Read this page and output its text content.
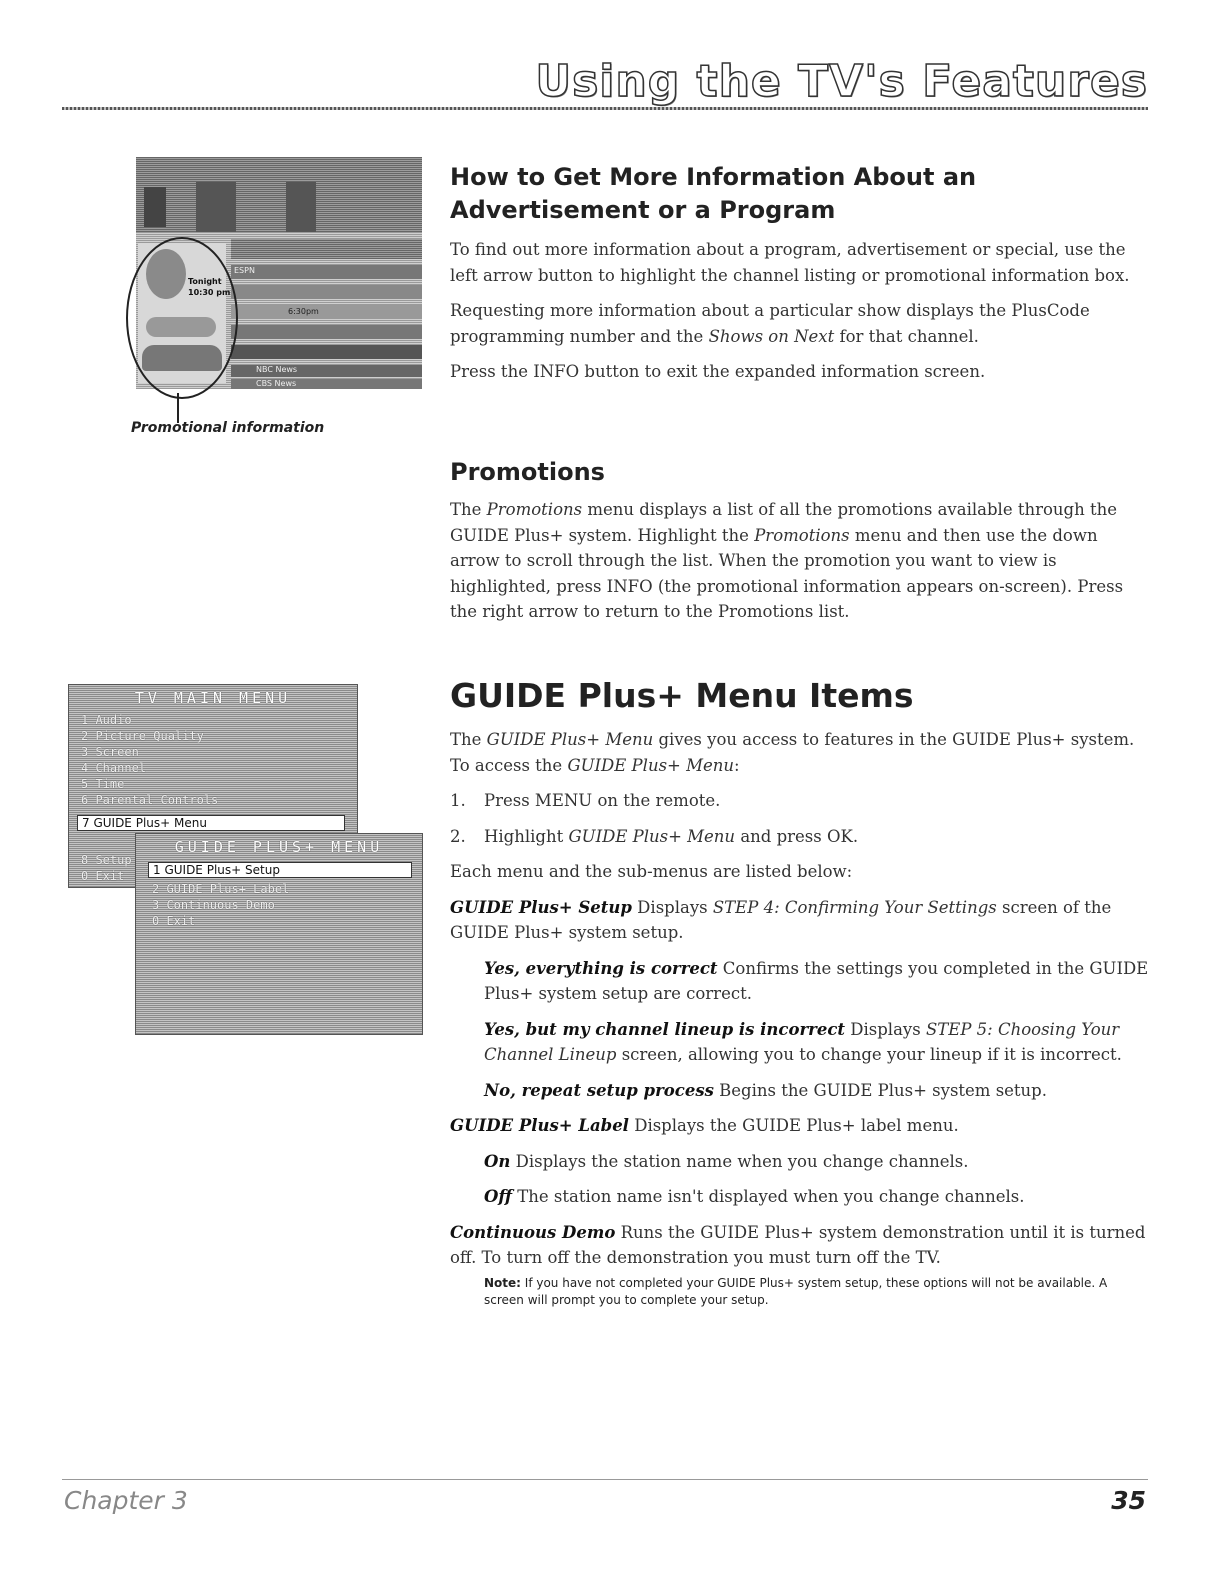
Using the TV's Features
ESPN
6:30pm
NBC News
CBS News
Tonight
10:30 pm
Promotional information
How to Get More Information About an Advertisement or a Program

To find out more information about a program, advertisement or special, use the left arrow button to highlight the channel listing or promotional information box.

Requesting more information about a particular show displays the PlusCode programming number and the Shows on Next for that channel.

Press the INFO button to exit the expanded information screen.

Promotions

The Promotions menu displays a list of all the promotions available through the GUIDE Plus+ system. Highlight the Promotions menu and then use the down arrow to scroll through the list. When the promotion you want to view is highlighted, press INFO (the promotional information appears on-screen). Press the right arrow to return to the Promotions list.

TV MAIN MENU
1 Audio
2 Picture Quality
3 Screen
4 Channel
5 Time
6 Parental Controls
7 GUIDE Plus+ Menu
8 Setup
0 Exit
GUIDE PLUS+ MENU
1 GUIDE Plus+ Setup
2 GUIDE Plus+ Label
3 Continuous Demo
0 Exit
GUIDE Plus+ Menu Items

The GUIDE Plus+ Menu gives you access to features in the GUIDE Plus+ system. To access the GUIDE Plus+ Menu:

1. Press MENU on the remote.
2. Highlight GUIDE Plus+ Menu and press OK.

Each menu and the sub-menus are listed below:

GUIDE Plus+ Setup Displays STEP 4: Confirming Your Settings screen of the GUIDE Plus+ system setup.

Yes, everything is correct Confirms the settings you completed in the GUIDE Plus+ system setup are correct.

Yes, but my channel lineup is incorrect Displays STEP 5: Choosing Your Channel Lineup screen, allowing you to change your lineup if it is incorrect.

No, repeat setup process Begins the GUIDE Plus+ system setup.

GUIDE Plus+ Label Displays the GUIDE Plus+ label menu.

On Displays the station name when you change channels.

Off The station name isn't displayed when you change channels.

Continuous Demo Runs the GUIDE Plus+ system demonstration until it is turned off. To turn off the demonstration you must turn off the TV.

Note: If you have not completed your GUIDE Plus+ system setup, these options will not be available. A screen will prompt you to complete your setup.

Chapter 3	35
